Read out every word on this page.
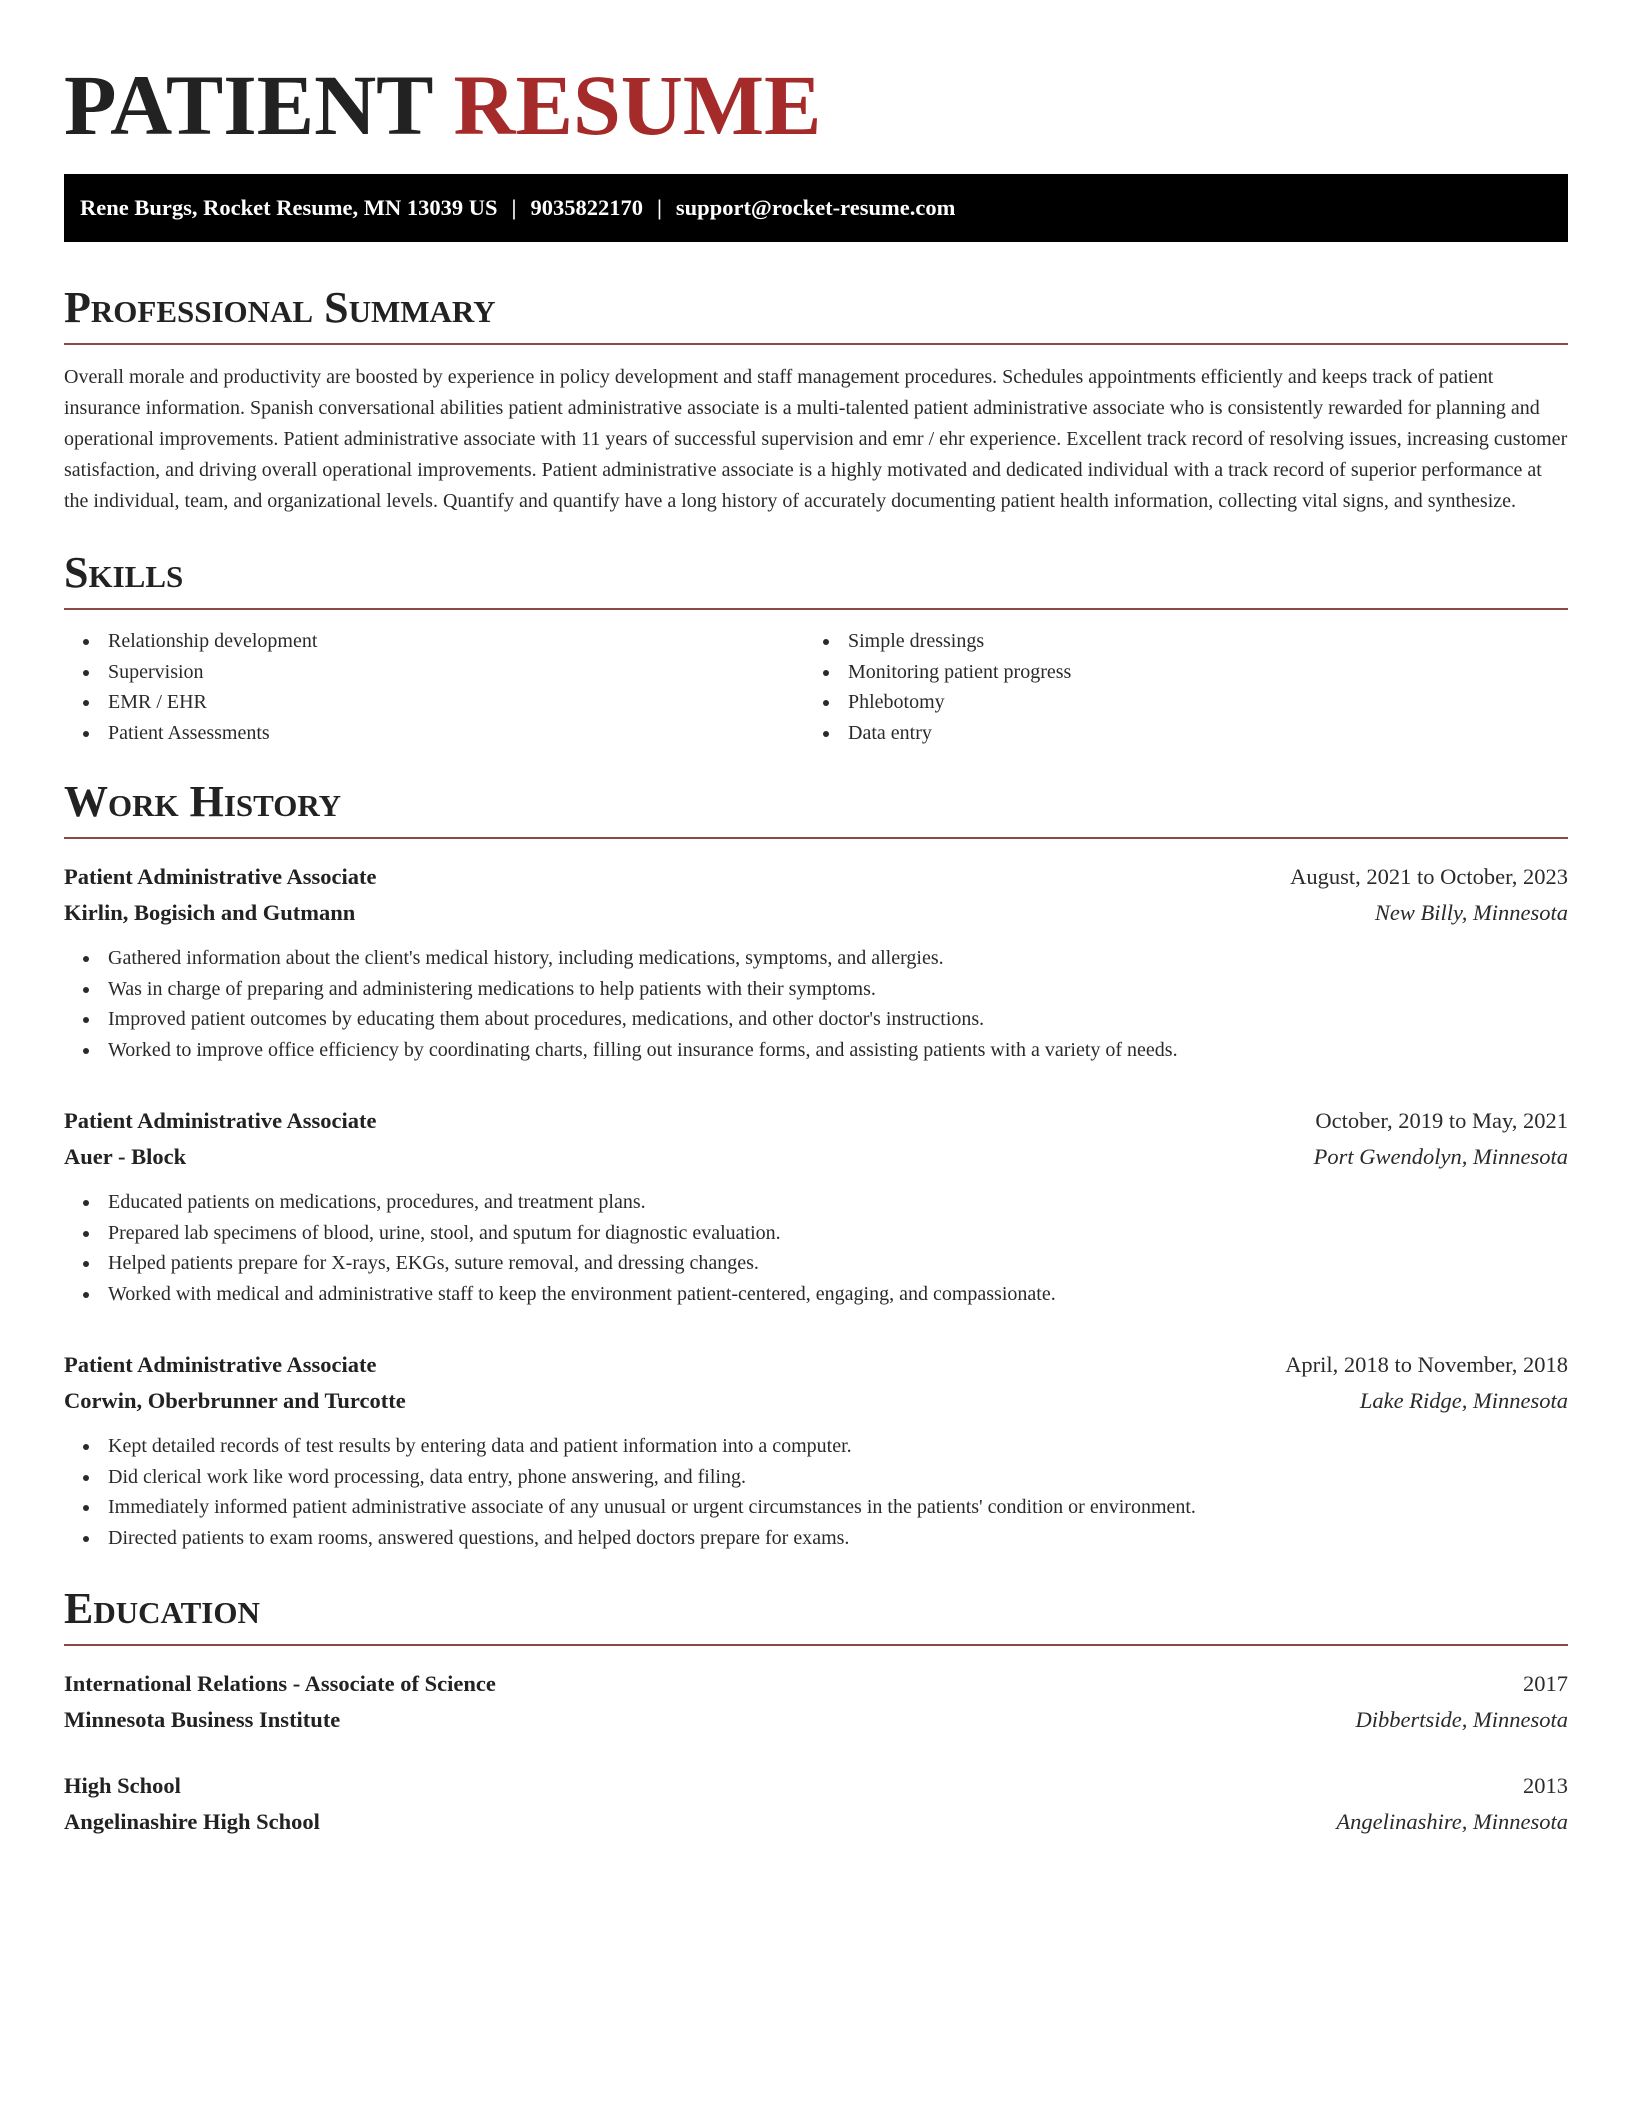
PATIENT RESUME
Rene Burgs, Rocket Resume, MN 13039 US | 9035822170 | support@rocket-resume.com
Professional Summary

Overall morale and productivity are boosted by experience in policy development and staff management procedures. Schedules appointments efficiently and keeps track of patient insurance information. Spanish conversational abilities patient administrative associate is a multi-talented patient administrative associate who is consistently rewarded for planning and operational improvements. Patient administrative associate with 11 years of successful supervision and emr / ehr experience. Excellent track record of resolving issues, increasing customer satisfaction, and driving overall operational improvements. Patient administrative associate is a highly motivated and dedicated individual with a track record of superior performance at the individual, team, and organizational levels. Quantify and quantify have a long history of accurately documenting patient health information, collecting vital signs, and synthesize.

Skills
Relationship development
Supervision
EMR / EHR
Patient Assessments
Simple dressings
Monitoring patient progress
Phlebotomy
Data entry
Work History
Patient Administrative Associate	August, 2021 to October, 2023
Kirlin, Bogisich and Gutmann	New Billy, Minnesota
Gathered information about the client's medical history, including medications, symptoms, and allergies.
Was in charge of preparing and administering medications to help patients with their symptoms.
Improved patient outcomes by educating them about procedures, medications, and other doctor's instructions.
Worked to improve office efficiency by coordinating charts, filling out insurance forms, and assisting patients with a variety of needs.
Patient Administrative Associate	October, 2019 to May, 2021
Auer - Block	Port Gwendolyn, Minnesota
Educated patients on medications, procedures, and treatment plans.
Prepared lab specimens of blood, urine, stool, and sputum for diagnostic evaluation.
Helped patients prepare for X-rays, EKGs, suture removal, and dressing changes.
Worked with medical and administrative staff to keep the environment patient-centered, engaging, and compassionate.
Patient Administrative Associate	April, 2018 to November, 2018
Corwin, Oberbrunner and Turcotte	Lake Ridge, Minnesota
Kept detailed records of test results by entering data and patient information into a computer.
Did clerical work like word processing, data entry, phone answering, and filing.
Immediately informed patient administrative associate of any unusual or urgent circumstances in the patients' condition or environment.
Directed patients to exam rooms, answered questions, and helped doctors prepare for exams.
Education
International Relations - Associate of Science	2017
Minnesota Business Institute	Dibbertside, Minnesota
High School	2013
Angelinashire High School	Angelinashire, Minnesota
